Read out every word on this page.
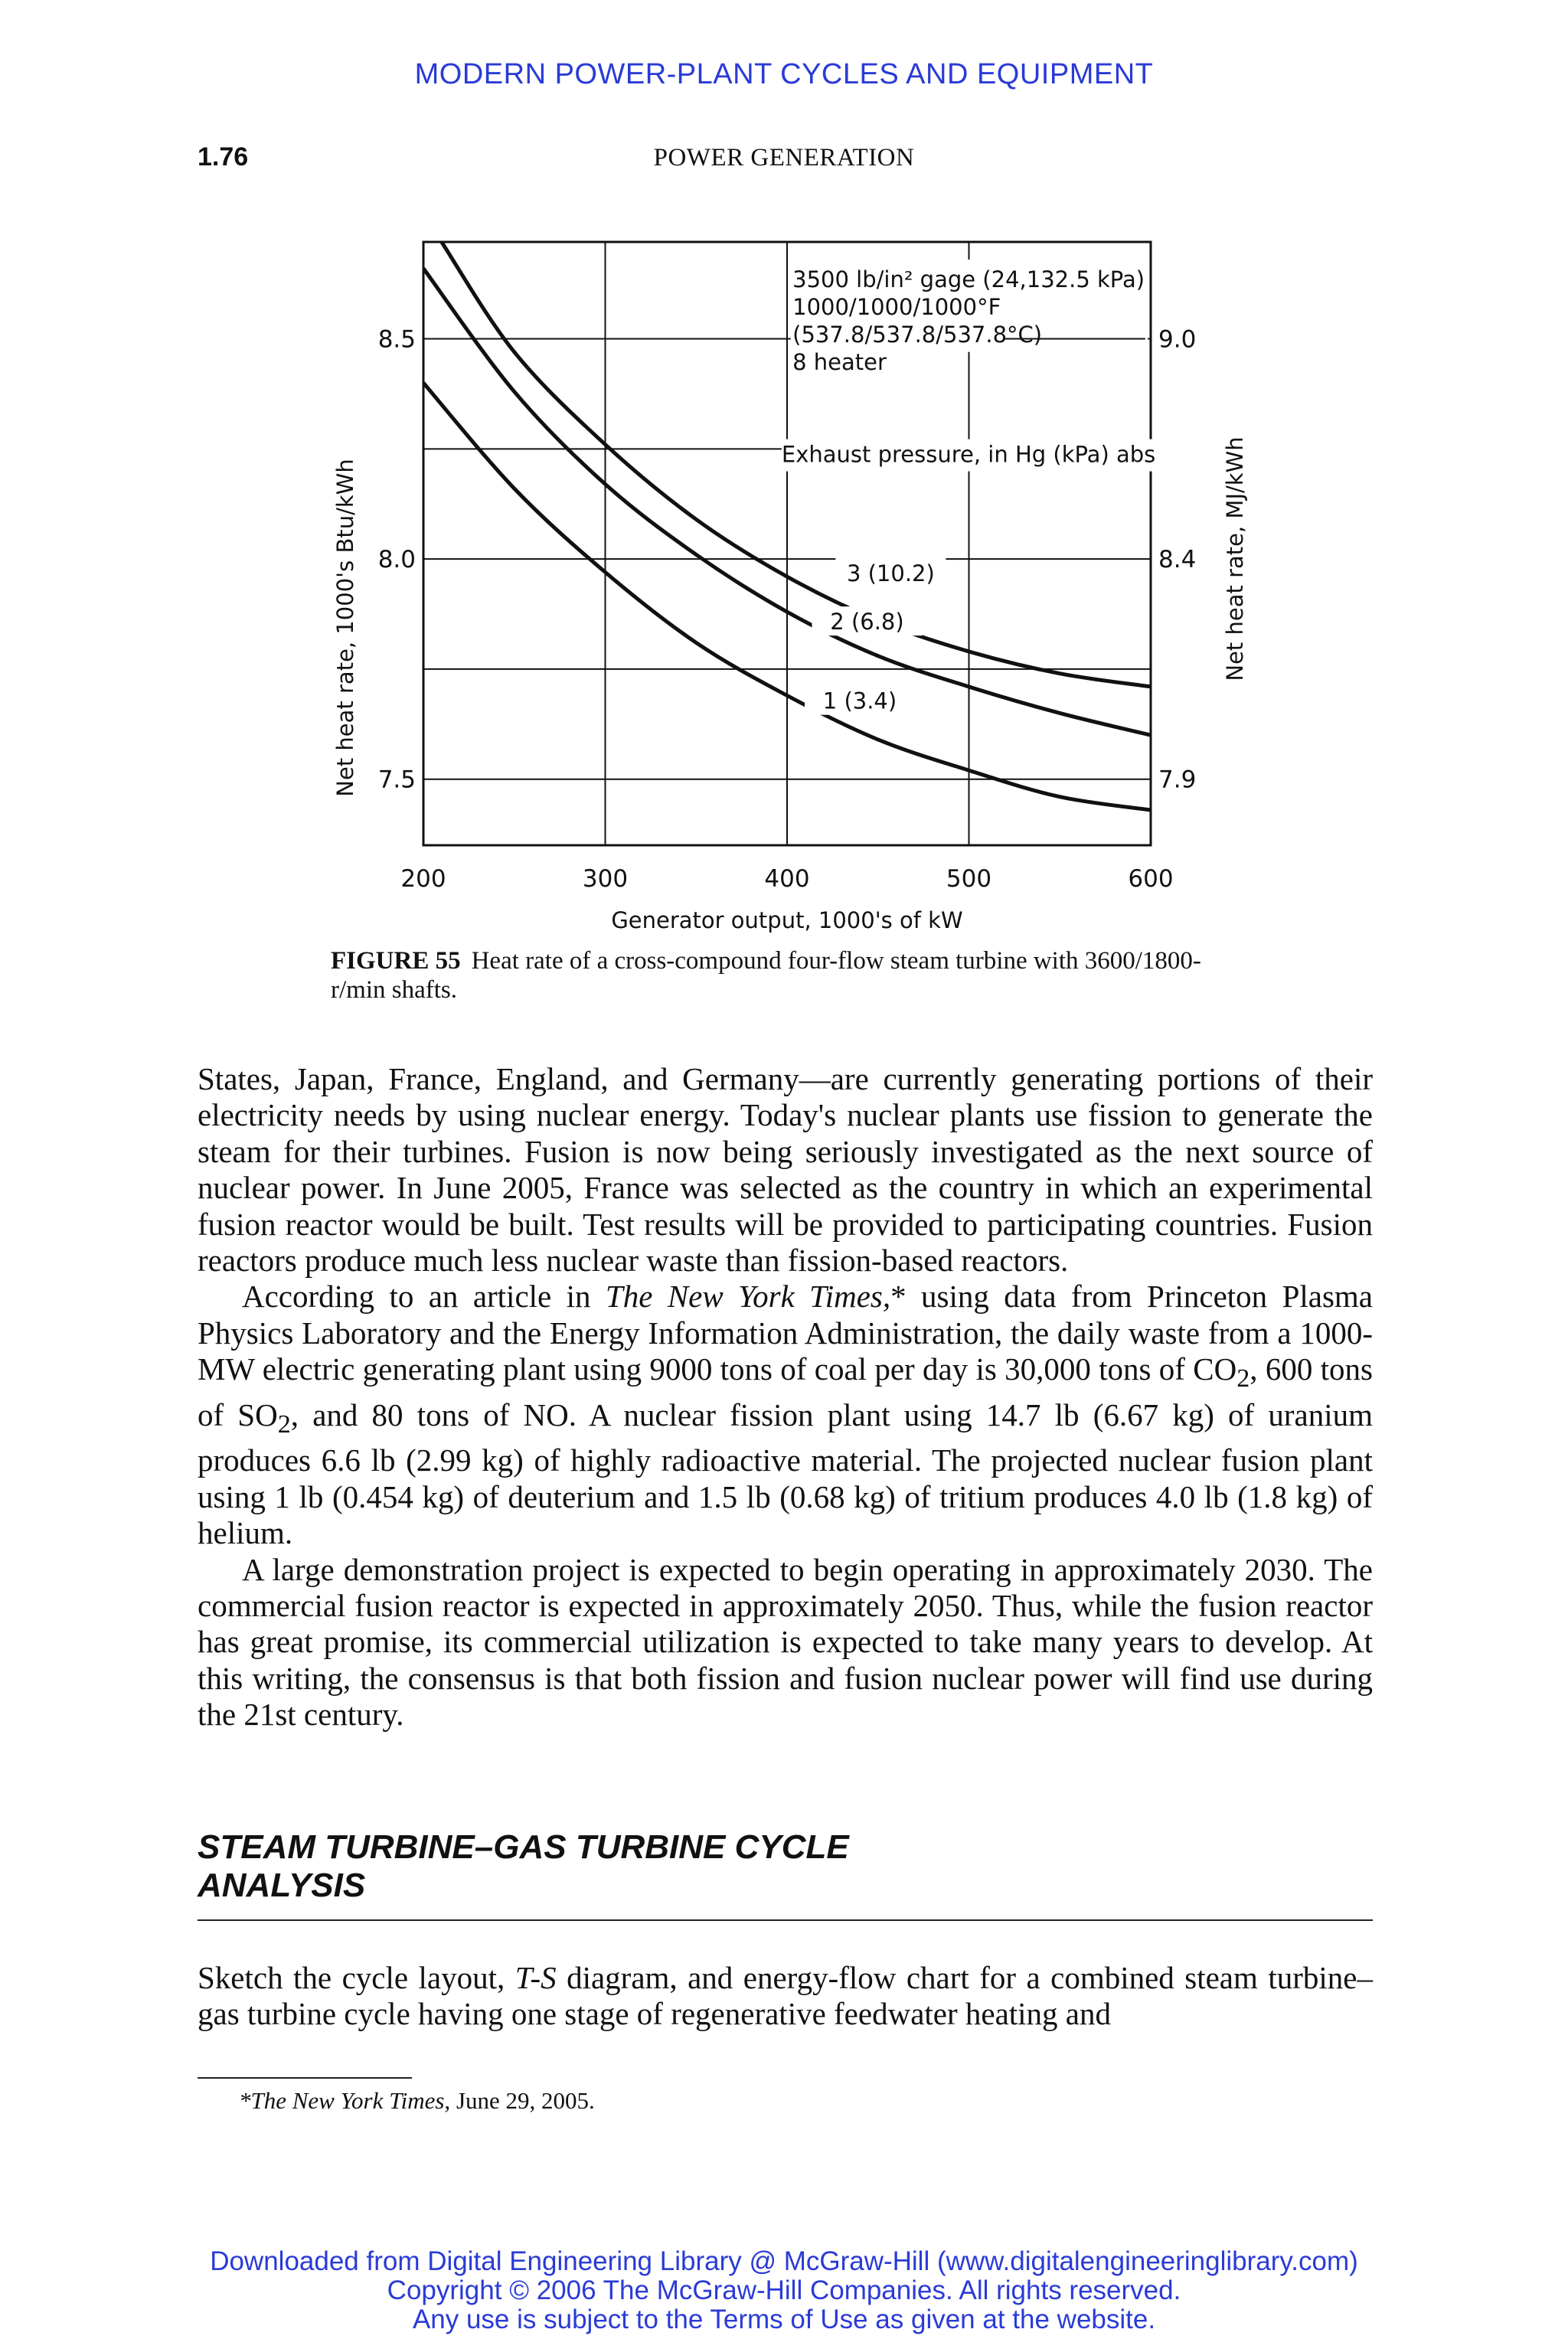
MODERN POWER-PLANT CYCLES AND EQUIPMENT
1.76	POWER GENERATION
200	300	400	500	600
7.5	7.9
8.0	8.4
8.5	9.0
3 (10.2)
2 (6.8)
1 (3.4)
3500 lb/in² gage (24,132.5 kPa)
1000/1000/1000°F
(537.8/537.8/537.8°C)
8 heater
Exhaust pressure, in Hg (kPa) abs
Generator output, 1000's of kW
Net heat rate, 1000's Btu/kWh	Net heat rate, MJ/kWh
FIGURE 55 Heat rate of a cross-compound four-flow steam turbine with 3600/1800-r/min shafts.

States, Japan, France, England, and Germany—are currently generating portions of their electricity needs by using nuclear energy. Today's nuclear plants use fission to generate the steam for their turbines. Fusion is now being seriously investigated as the next source of nuclear power. In June 2005, France was selected as the country in which an experimental fusion reactor would be built. Test results will be provided to participating countries. Fusion reactors produce much less nuclear waste than fission-based reactors.

According to an article in The New York Times,* using data from Princeton Plasma Physics Laboratory and the Energy Information Administration, the daily waste from a 1000-MW electric generating plant using 9000 tons of coal per day is 30,000 tons of $CO_2$, 600 tons of $SO_2$, and 80 tons of NO. A nuclear fission plant using 14.7 lb (6.67 kg) of uranium produces 6.6 lb (2.99 kg) of highly radioactive material. The projected nuclear fusion plant using 1 lb (0.454 kg) of deuterium and 1.5 lb (0.68 kg) of tritium produces 4.0 lb (1.8 kg) of helium.

A large demonstration project is expected to begin operating in approximately 2030. The commercial fusion reactor is expected in approximately 2050. Thus, while the fusion reactor has great promise, its commercial utilization is expected to take many years to develop. At this writing, the consensus is that both fission and fusion nuclear power will find use during the 21st century.

STEAM TURBINE–GAS TURBINE CYCLE
ANALYSIS

Sketch the cycle layout, T-S diagram, and energy-flow chart for a combined steam turbine–gas turbine cycle having one stage of regenerative feedwater heating and

*The New York Times, June 29, 2005.
Downloaded from Digital Engineering Library @ McGraw-Hill (www.digitalengineeringlibrary.com)
Copyright © 2006 The McGraw-Hill Companies. All rights reserved.
Any use is subject to the Terms of Use as given at the website.
